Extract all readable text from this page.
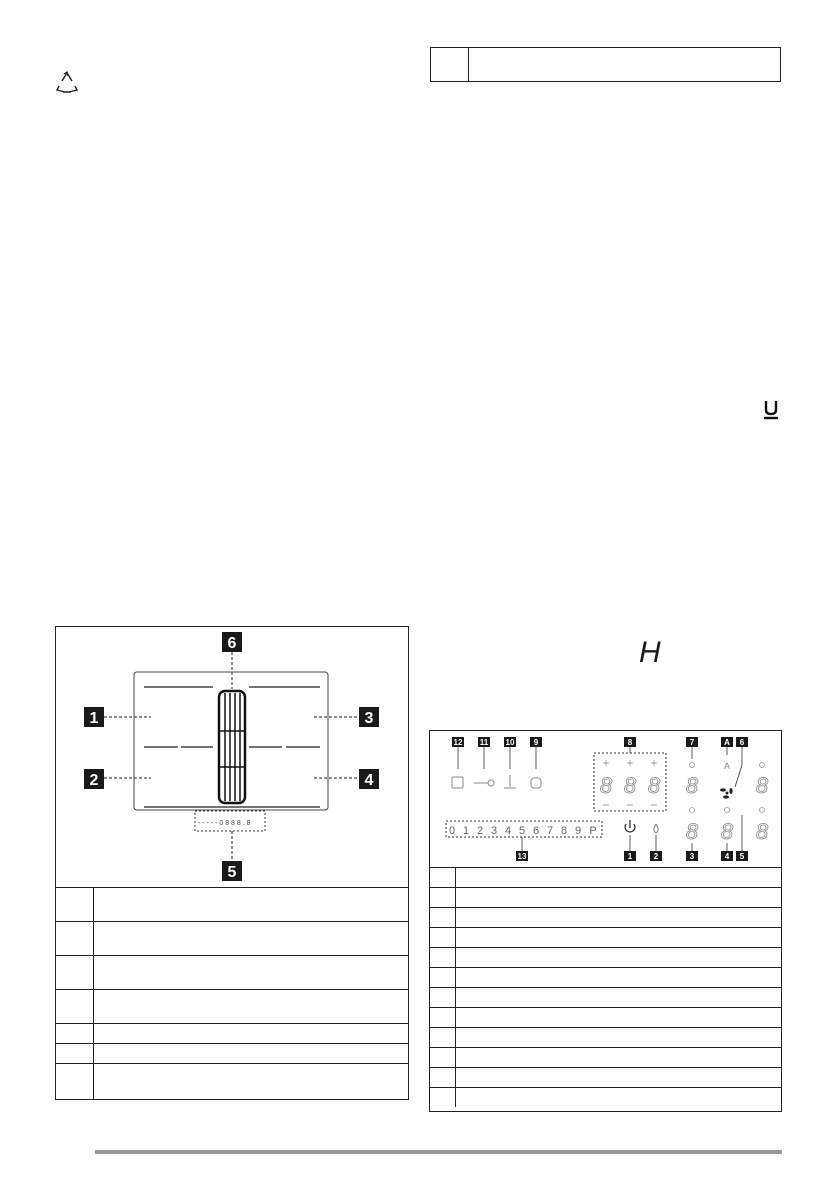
H
6
1	3
2	4
- - - - - 0 8 8 8 . 8
5
12 11 10 9	8	7	A 6
+ + +
− − −
8 8 8 8	8
8 8 8
A
0 1 2 3 4 5 6 7 8 9 P
13	1	2	3	4 5
